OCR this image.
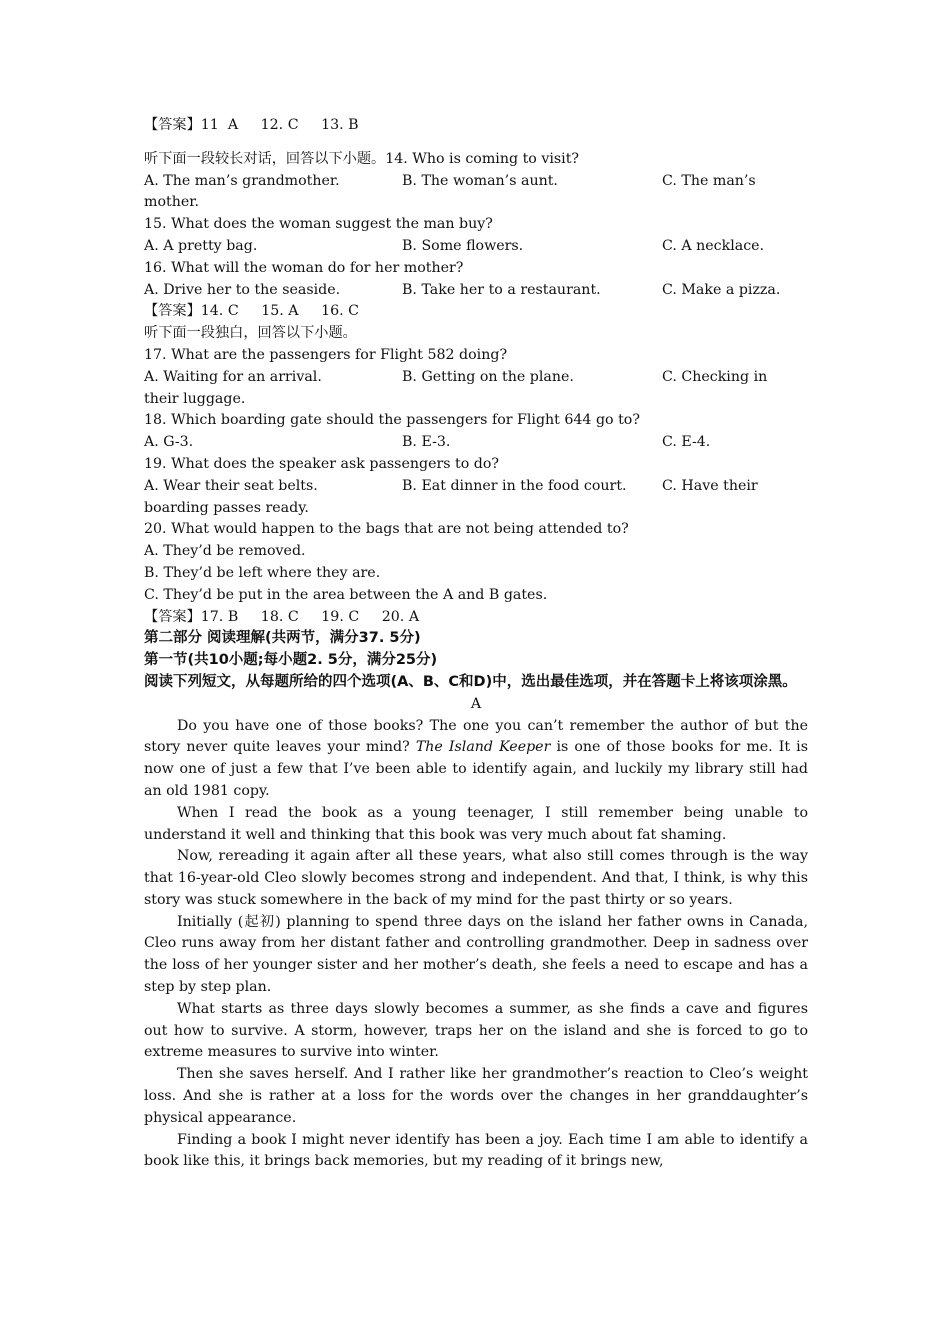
【答案】11  A     12. C     13. B
听下面一段较长对话，回答以下小题。14. Who is coming to visit?
A. The man’s grandmother.	B. The woman’s aunt.	C. The man’s
mother.
15. What does the woman suggest the man buy?
A. A pretty bag.	B. Some flowers.	C. A necklace.
16. What will the woman do for her mother?
A. Drive her to the seaside.	B. Take her to a restaurant.	C. Make a pizza.
【答案】14. C     15. A     16. C
听下面一段独白，回答以下小题。
17. What are the passengers for Flight 582 doing?
A. Waiting for an arrival.	B. Getting on the plane.	C. Checking in
their luggage.
18. Which boarding gate should the passengers for Flight 644 go to?
A. G-3.	B. E-3.	C. E-4.
19. What does the speaker ask passengers to do?
A. Wear their seat belts.	B. Eat dinner in the food court.	C. Have their
boarding passes ready.
20. What would happen to the bags that are not being attended to?
A. They’d be removed.
B. They’d be left where they are.
C. They’d be put in the area between the A and B gates.
【答案】17. B     18. C     19. C     20. A
第二部分 阅读理解(共两节，满分37. 5分)
第一节(共10小题;每小题2. 5分，满分25分)
阅读下列短文，从每题所给的四个选项(A、B、C和D)中，选出最佳选项，并在答题卡上将该项涂黑。
A

Do you have one of those books? The one you can’t remember the author of but the story never quite leaves your mind? The Island Keeper is one of those books for me. It is now one of just a few that I’ve been able to identify again, and luckily my library still had an old 1981 copy.

When I read the book as a young teenager, I still remember being unable to understand it well and thinking that this book was very much about fat shaming.

Now, rereading it again after all these years, what also still comes through is the way that 16-year-old Cleo slowly becomes strong and independent. And that, I think, is why this story was stuck somewhere in the back of my mind for the past thirty or so years.

Initially (起初) planning to spend three days on the island her father owns in Canada, Cleo runs away from her distant father and controlling grandmother. Deep in sadness over the loss of her younger sister and her mother’s death, she feels a need to escape and has a step by step plan.

What starts as three days slowly becomes a summer, as she finds a cave and figures out how to survive. A storm, however, traps her on the island and she is forced to go to extreme measures to survive into winter.

Then she saves herself. And I rather like her grandmother’s reaction to Cleo’s weight loss. And she is rather at a loss for the words over the changes in her granddaughter’s physical appearance.

Finding a book I might never identify has been a joy. Each time I am able to identify a book like this, it brings back memories, but my reading of it brings new,
